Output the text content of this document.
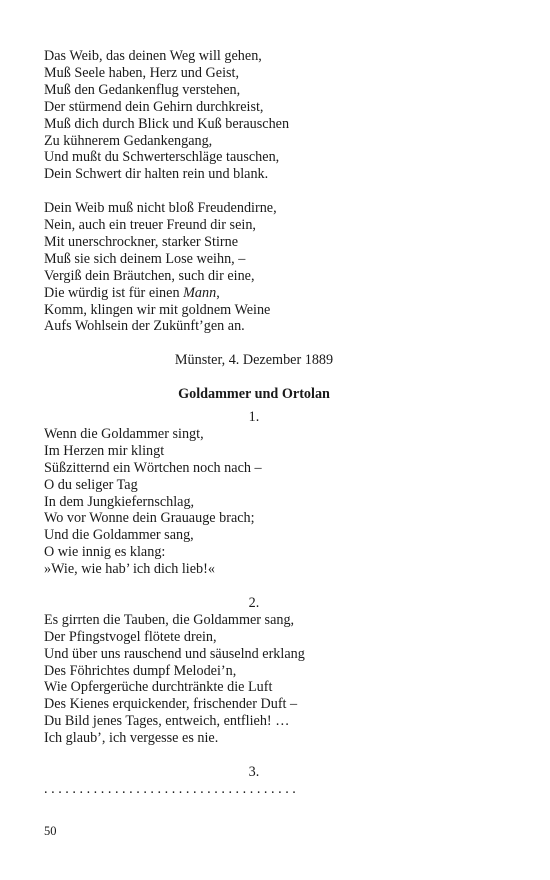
Das Weib, das deinen Weg will gehen,
Muß Seele haben, Herz und Geist,
Muß den Gedankenflug verstehen,
Der stürmend dein Gehirn durchkreist,
Muß dich durch Blick und Kuß berauschen
Zu kühnerem Gedankengang,
Und mußt du Schwerterschläge tauschen,
Dein Schwert dir halten rein und blank.
Dein Weib muß nicht bloß Freudendirne,
Nein, auch ein treuer Freund dir sein,
Mit unerschrockner, starker Stirne
Muß sie sich deinem Lose weihn, –
Vergiß dein Bräutchen, such dir eine,
Die würdig ist für einen Mann,
Komm, klingen wir mit goldnem Weine
Aufs Wohlsein der Zukünft’gen an.
Münster, 4. Dezember 1889
Goldammer und Ortolan
1.
Wenn die Goldammer singt,
Im Herzen mir klingt
Süßzitternd ein Wörtchen noch nach –
O du seliger Tag
In dem Jungkiefernschlag,
Wo vor Wonne dein Grauauge brach;
Und die Goldammer sang,
O wie innig es klang:
»Wie, wie hab’ ich dich lieb!«
2.
Es girrten die Tauben, die Goldammer sang,
Der Pfingstvogel flötete drein,
Und über uns rauschend und säuselnd erklang
Des Föhrichtes dumpf Melodei’n,
Wie Opfergerüche durchtränkte die Luft
Des Kienes erquickender, frischender Duft –
Du Bild jenes Tages, entweich, entflieh! …
Ich glaub’, ich vergesse es nie.
3.
. . . . . . . . . . . . . . . . . . . . . . . . . . . . . . . . . . . .
50
